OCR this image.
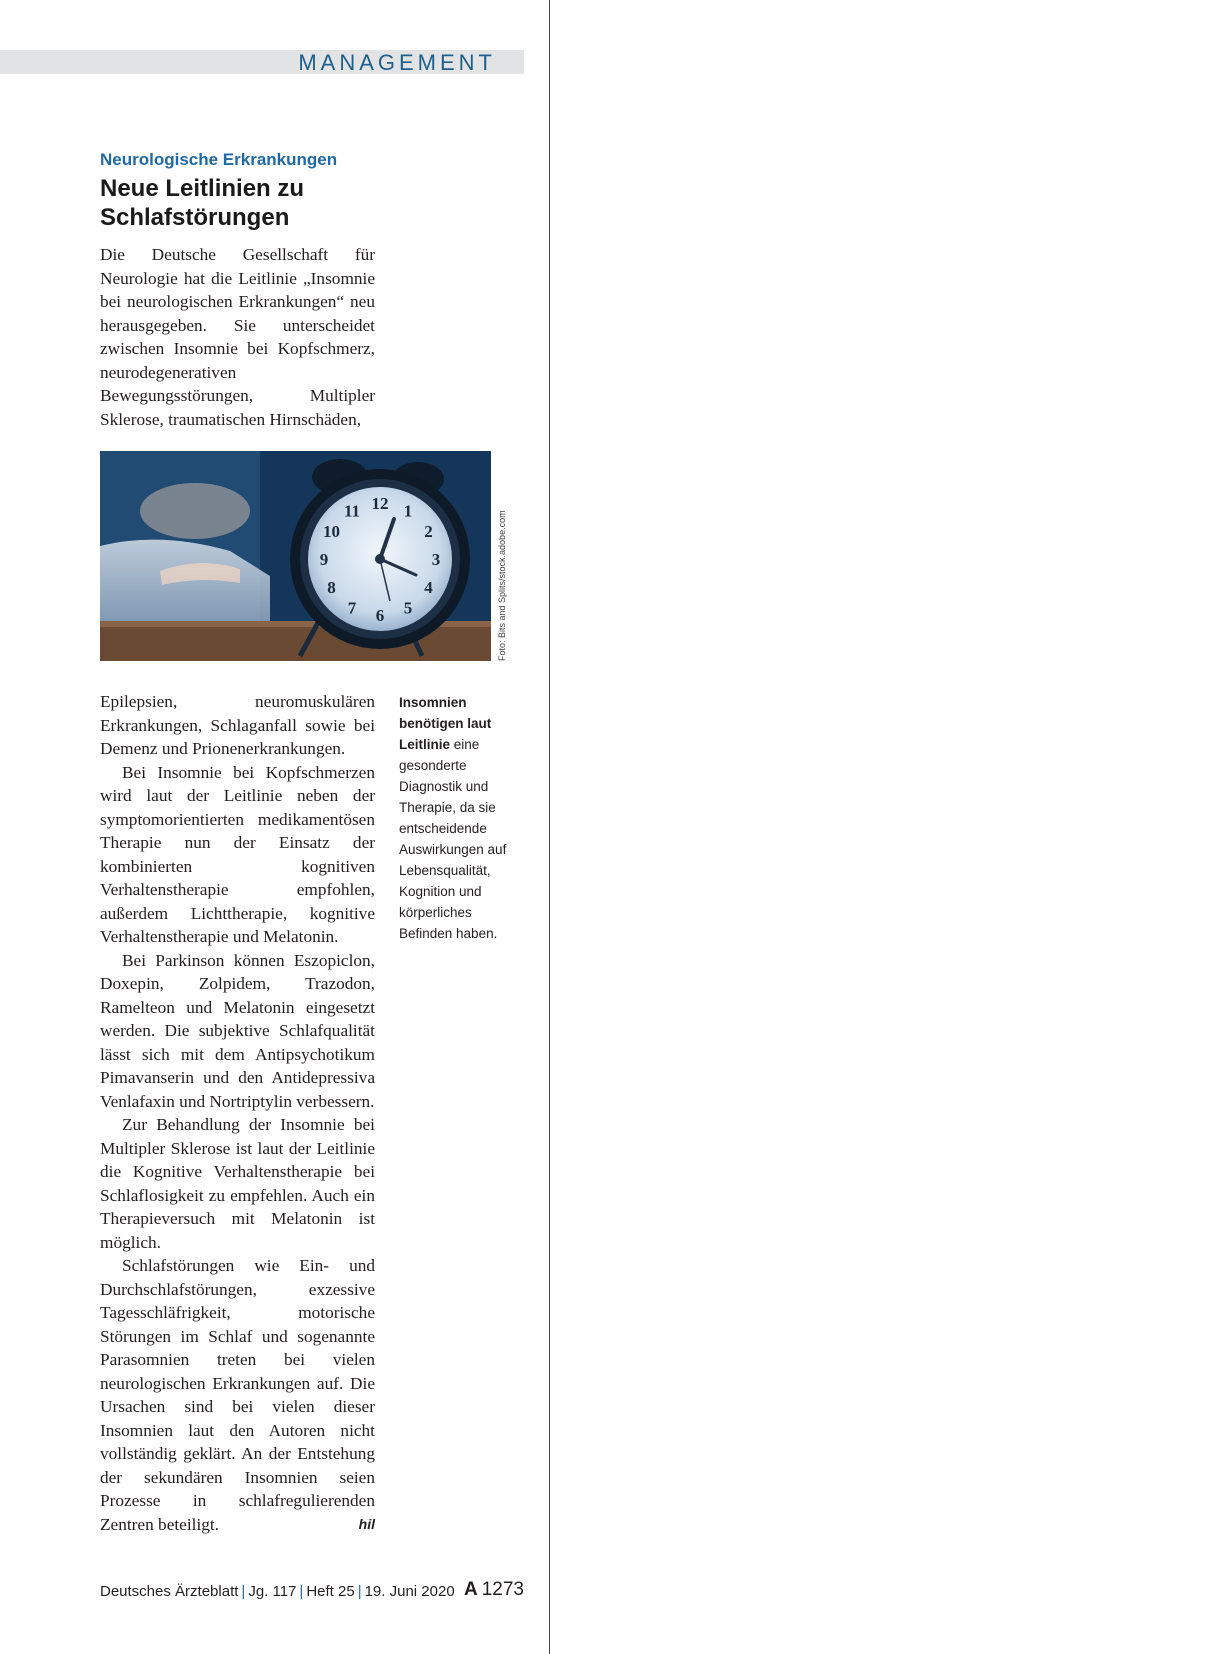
MANAGEMENT
Neurologische Erkrankungen
Neue Leitlinien zu Schlafstörungen

Die Deutsche Gesellschaft für Neurologie hat die Leitlinie „Insomnie bei neurologischen Erkrankungen“ neu herausgegeben. Sie unterscheidet zwischen Insomnie bei Kopfschmerz, neurodegenerativen Bewegungsstörungen, Multipler Sklerose, traumatischen Hirnschäden,

12 1
2
3
4
5
6
7
8
9
10
11	Foto: Bits and Splits/stock.adobe.com

Epilepsien, neuromuskulären Erkrankungen, Schlaganfall sowie bei Demenz und Prionenerkrankungen.

Bei Insomnie bei Kopfschmerzen wird laut der Leitlinie neben der symptomorientierten medikamentösen Therapie nun der Einsatz der kombinierten kognitiven Verhaltenstherapie empfohlen, außerdem Lichttherapie, kognitive Verhaltenstherapie und Melatonin.

Bei Parkinson können Eszopiclon, Doxepin, Zolpidem, Trazodon, Ramelteon und Melatonin eingesetzt werden. Die subjektive Schlafqualität lässt sich mit dem Antipsychotikum Pimavanserin und den Antidepressiva Venlafaxin und Nortriptylin verbessern.

Zur Behandlung der Insomnie bei Multipler Sklerose ist laut der Leitlinie die Kognitive Verhaltenstherapie bei Schlaflosigkeit zu empfehlen. Auch ein Therapieversuch mit Melatonin ist möglich.

Schlafstörungen wie Ein- und Durchschlafstörungen, exzessive Tagesschläfrigkeit, motorische Störungen im Schlaf und sogenannte Parasomnien treten bei vielen neurologischen Erkrankungen auf. Die Ursachen sind bei vielen dieser Insomnien laut den Autoren nicht vollständig geklärt. An der Entstehung der sekundären Insomnien seien Prozesse in schlafregulierenden Zentren beteiligt.	hil

Insomnien benötigen laut Leitlinie eine gesonderte Diagnostik und Therapie, da sie entscheidende Auswirkungen auf Lebensqualität, Kognition und körperliches Befinden haben.
Deutsches Ärzteblatt | Jg. 117 | Heft 25 | 19. Juni 2020 A 1273
